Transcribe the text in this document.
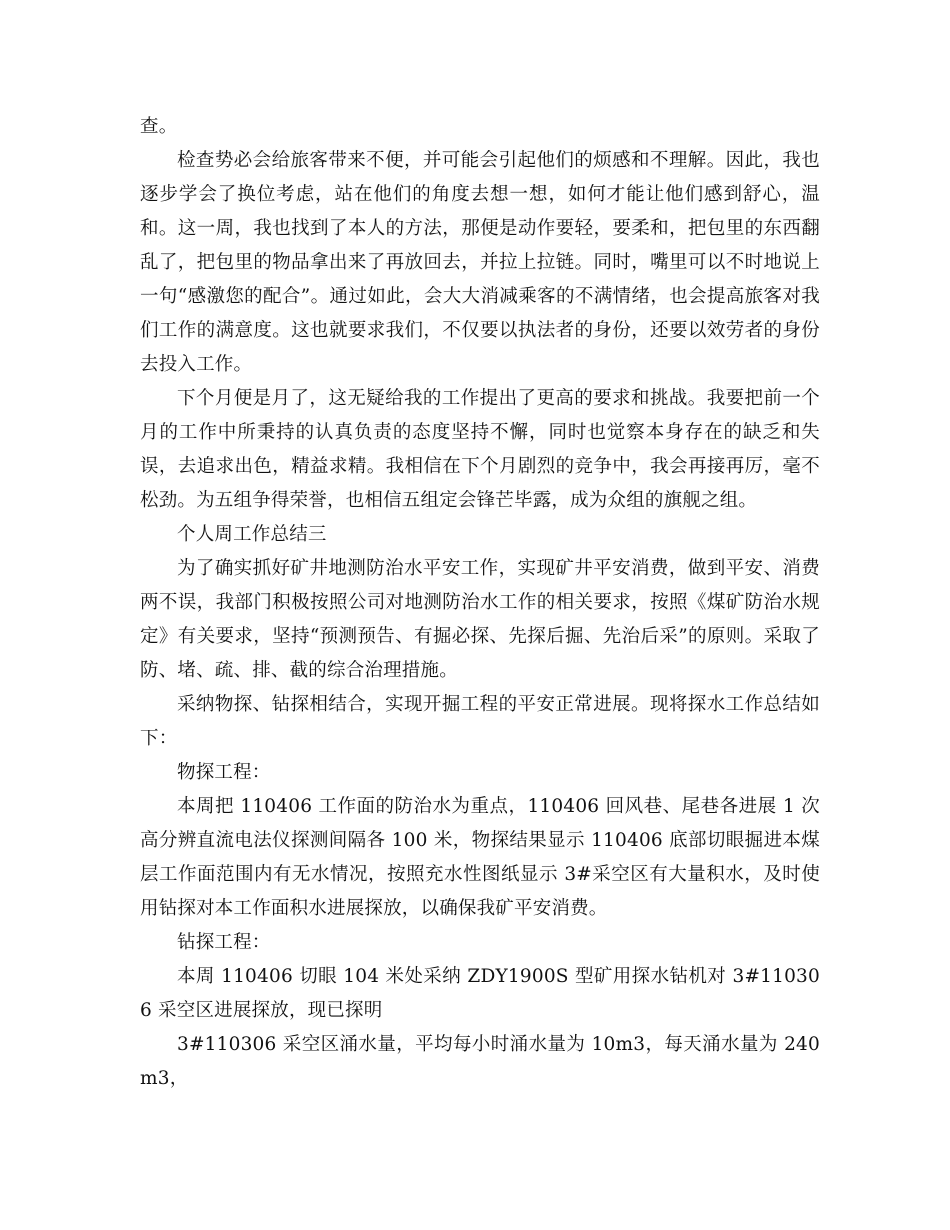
查。

检查势必会给旅客带来不便，并可能会引起他们的烦感和不理解。因此，我也逐步学会了换位考虑，站在他们的角度去想一想，如何才能让他们感到舒心，温和。这一周，我也找到了本人的方法，那便是动作要轻，要柔和，把包里的东西翻乱了，把包里的物品拿出来了再放回去，并拉上拉链。同时，嘴里可以不时地说上一句“感激您的配合”。通过如此，会大大消减乘客的不满情绪，也会提高旅客对我们工作的满意度。这也就要求我们，不仅要以执法者的身份，还要以效劳者的身份去投入工作。

下个月便是月了，这无疑给我的工作提出了更高的要求和挑战。我要把前一个月的工作中所秉持的认真负责的态度坚持不懈，同时也觉察本身存在的缺乏和失误，去追求出色，精益求精。我相信在下个月剧烈的竞争中，我会再接再厉，毫不松劲。为五组争得荣誉，也相信五组定会锋芒毕露，成为众组的旗舰之组。

个人周工作总结三

为了确实抓好矿井地测防治水平安工作，实现矿井平安消费，做到平安、消费两不误，我部门积极按照公司对地测防治水工作的相关要求，按照《煤矿防治水规定》有关要求，坚持“预测预告、有掘必探、先探后掘、先治后采”的原则。采取了防、堵、疏、排、截的综合治理措施。

采纳物探、钻探相结合，实现开掘工程的平安正常进展。现将探水工作总结如下：

物探工程：

本周把 110406 工作面的防治水为重点，110406 回风巷、尾巷各进展 1 次高分辨直流电法仪探测间隔各 100 米，物探结果显示 110406 底部切眼掘进本煤层工作面范围内有无水情况，按照充水性图纸显示 3#采空区有大量积水，及时使用钻探对本工作面积水进展探放，以确保我矿平安消费。

钻探工程：

本周 110406 切眼 104 米处采纳 ZDY1900S 型矿用探水钻机对 3#110306 采空区进展探放，现已探明

3#110306 采空区涌水量，平均每小时涌水量为 10m3，每天涌水量为 240m3，
